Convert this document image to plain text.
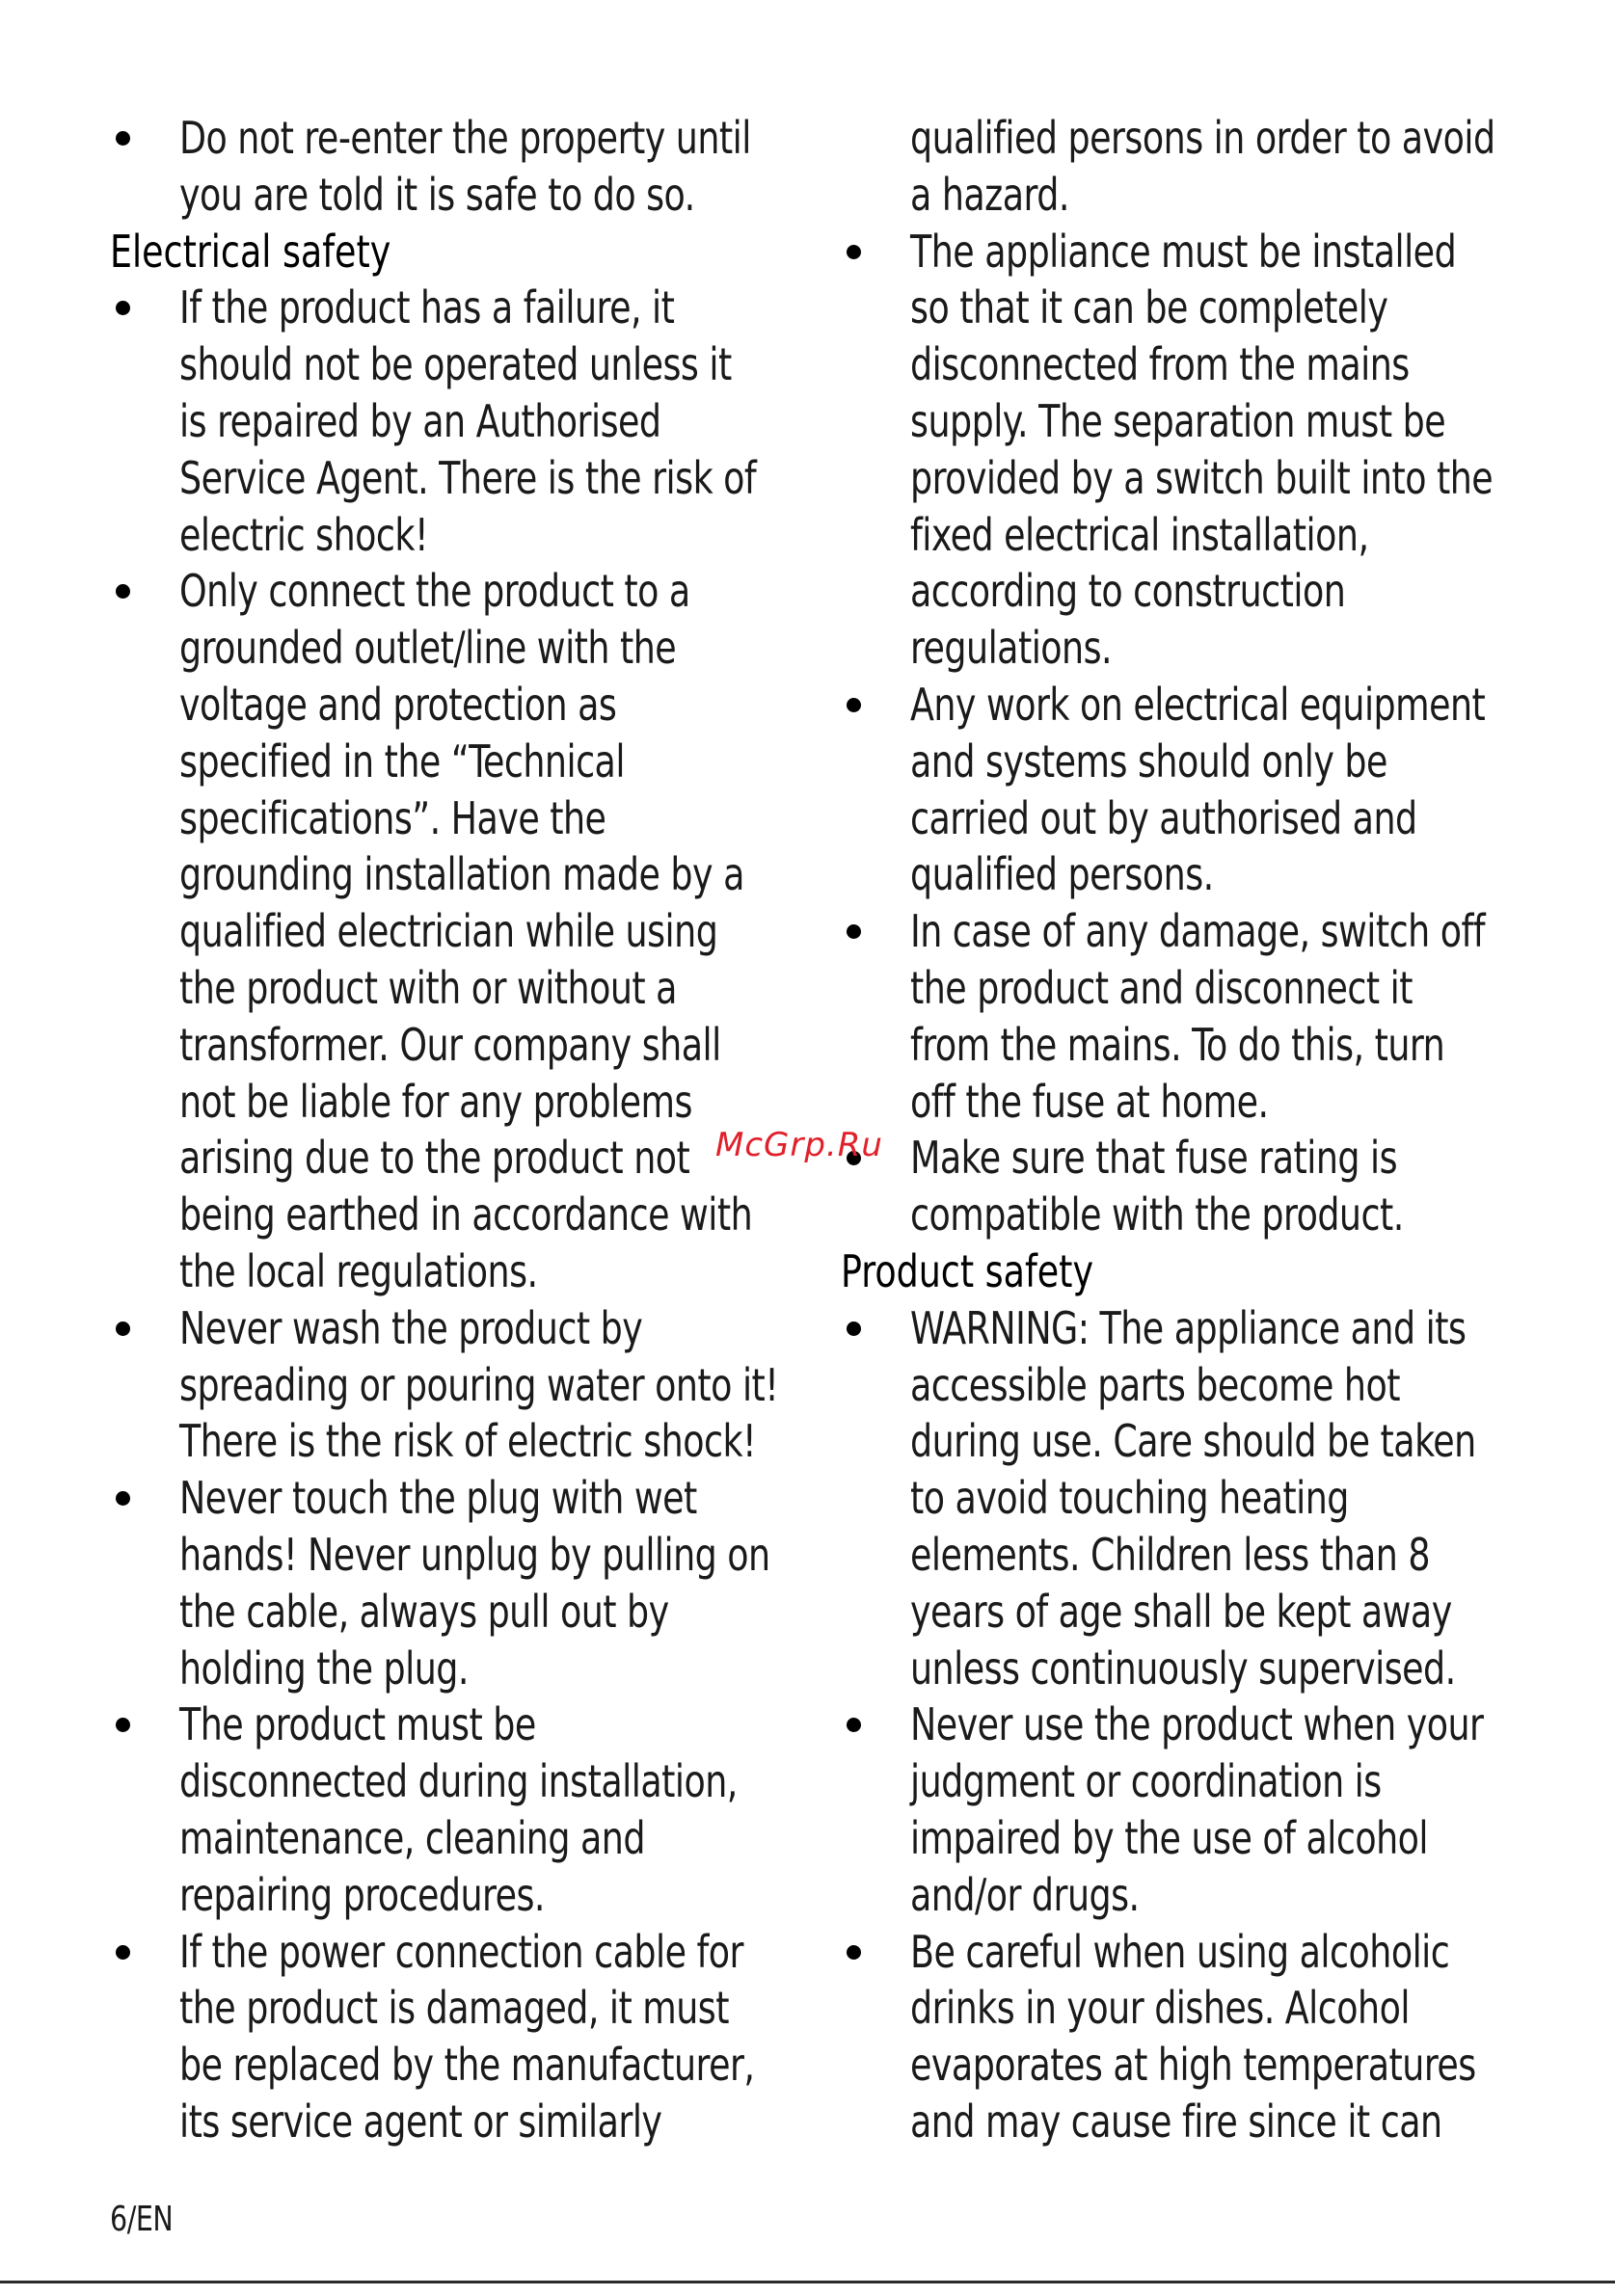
Do not re-enter the property until
you are told it is safe to do so.
Electrical safety
If the product has a failure, it
should not be operated unless it
is repaired by an Authorised
Service Agent. There is the risk of
electric shock!
Only connect the product to a
grounded outlet/line with the
voltage and protection as
specified in the “Technical
specifications”. Have the
grounding installation made by a
qualified electrician while using
the product with or without a
transformer. Our company shall
not be liable for any problems
arising due to the product not
being earthed in accordance with
the local regulations.
Never wash the product by
spreading or pouring water onto it!
There is the risk of electric shock!
Never touch the plug with wet
hands! Never unplug by pulling on
the cable, always pull out by
holding the plug.
The product must be
disconnected during installation,
maintenance, cleaning and
repairing procedures.
If the power connection cable for
the product is damaged, it must
be replaced by the manufacturer,
its service agent or similarly
qualified persons in order to avoid
a hazard.
The appliance must be installed
so that it can be completely
disconnected from the mains
supply. The separation must be
provided by a switch built into the
fixed electrical installation,
according to construction
regulations.
Any work on electrical equipment
and systems should only be
carried out by authorised and
qualified persons.
In case of any damage, switch off
the product and disconnect it
from the mains. To do this, turn
off the fuse at home.
Make sure that fuse rating is
compatible with the product.
Product safety
WARNING: The appliance and its
accessible parts become hot
during use. Care should be taken
to avoid touching heating
elements. Children less than 8
years of age shall be kept away
unless continuously supervised.
Never use the product when your
judgment or coordination is
impaired by the use of alcohol
and/or drugs.
Be careful when using alcoholic
drinks in your dishes. Alcohol
evaporates at high temperatures
and may cause fire since it can
McGrp.Ru
6/EN
